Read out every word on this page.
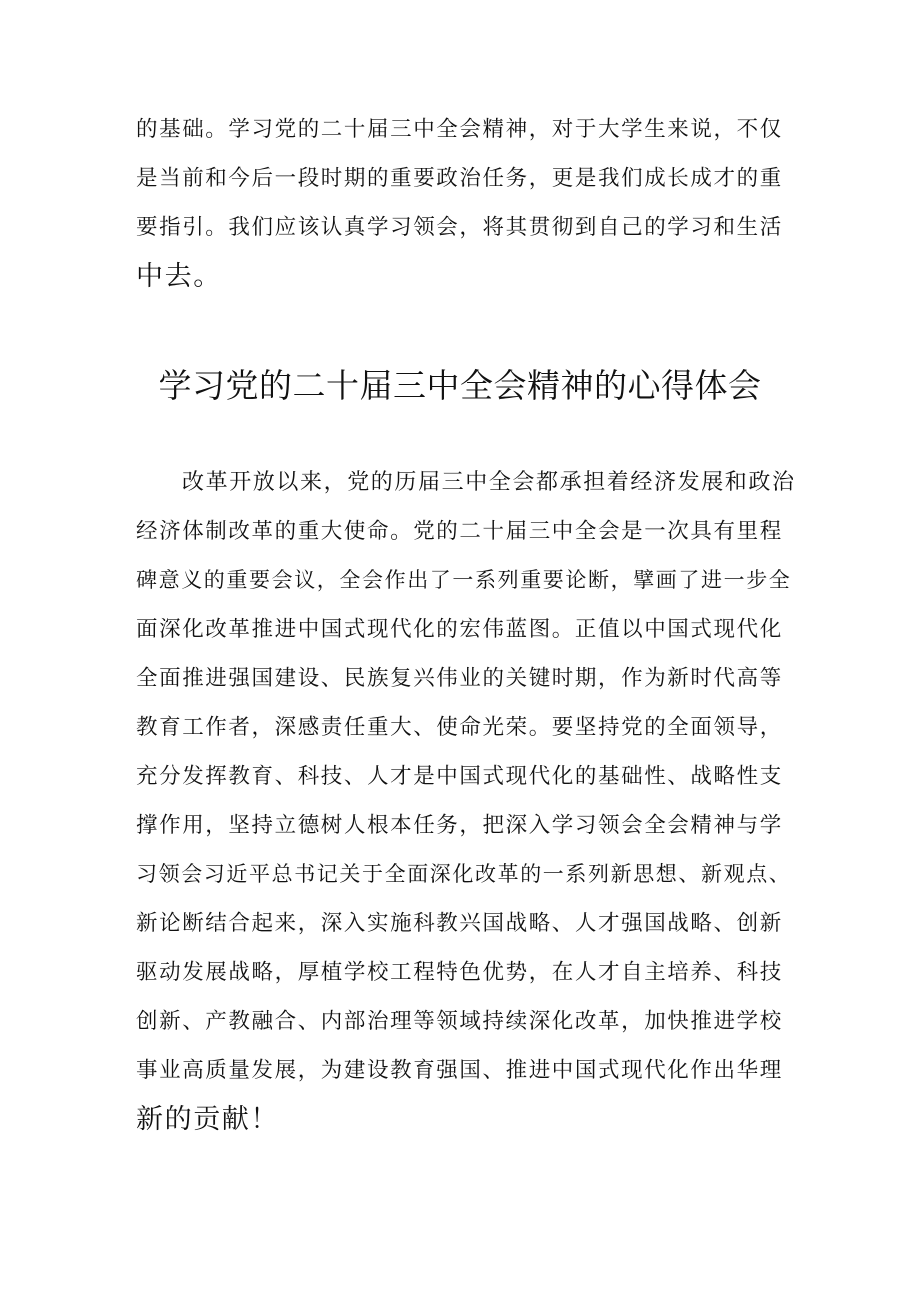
的基础。学习党的二十届三中全会精神，对于大学生来说，不仅
是当前和今后一段时期的重要政治任务，更是我们成长成才的重
要指引。我们应该认真学习领会，将其贯彻到自己的学习和生活
中去。
学习党的二十届三中全会精神的心得体会
改革开放以来，党的历届三中全会都承担着经济发展和政治
经济体制改革的重大使命。党的二十届三中全会是一次具有里程
碑意义的重要会议，全会作出了一系列重要论断，擘画了进一步全
面深化改革推进中国式现代化的宏伟蓝图。正值以中国式现代化
全面推进强国建设、民族复兴伟业的关键时期，作为新时代高等
教育工作者，深感责任重大、使命光荣。要坚持党的全面领导，
充分发挥教育、科技、人才是中国式现代化的基础性、战略性支
撑作用，坚持立德树人根本任务，把深入学习领会全会精神与学
习领会习近平总书记关于全面深化改革的一系列新思想、新观点、
新论断结合起来，深入实施科教兴国战略、人才强国战略、创新
驱动发展战略，厚植学校工程特色优势，在人才自主培养、科技
创新、产教融合、内部治理等领域持续深化改革，加快推进学校
事业高质量发展，为建设教育强国、推进中国式现代化作出华理
新的贡献！
